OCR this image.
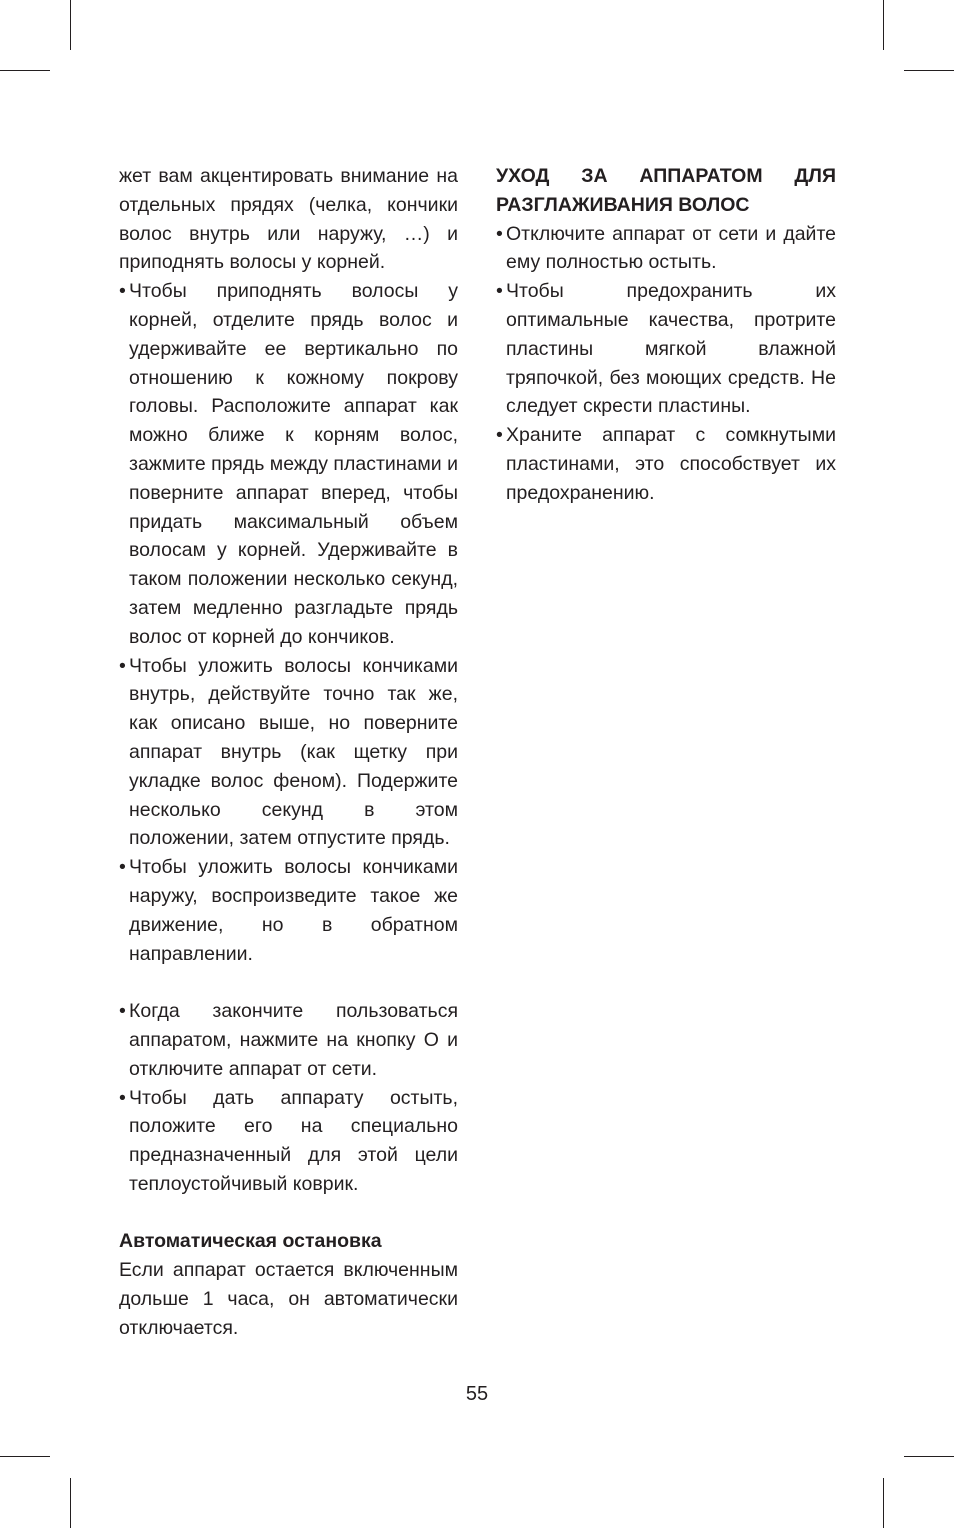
жет вам акцентировать внимание на отдельных прядях (челка, кончики волос внутрь или наружу, …) и приподнять волосы у корней.

• Чтобы приподнять волосы у корней, отделите прядь волос и удерживайте ее вертикально по отношению к кожному покрову головы. Расположите аппарат как можно ближе к корням волос, зажмите прядь между пластинами и поверните аппарат вперед, чтобы придать максимальный объем волосам у корней. Удерживайте в таком положении несколько секунд, затем медленно разгладьте прядь волос от корней до кончиков.
• Чтобы уложить волосы кончиками внутрь, действуйте точно так же, как описано выше, но поверните аппарат внутрь (как щетку при укладке волос феном). Подержите несколько секунд в этом положении, затем отпустите прядь.
• Чтобы уложить волосы кончиками наружу, воспроизведите такое же движение, но в обратном направлении.
• Когда закончите пользоваться аппаратом, нажмите на кнопку O и отключите аппарат от сети.
• Чтобы дать аппарату остыть, положите его на специально предназначенный для этой цели теплоустойчивый коврик.

Автоматическая остановка

Если аппарат остается включенным дольше 1 часа, он автоматически отключается.

УХОД ЗА АППАРАТОМ ДЛЯ РАЗГЛАЖИВАНИЯ ВОЛОС

• Отключите аппарат от сети и дайте ему полностью остыть.
• Чтобы предохранить их оптимальные качества, протрите пластины мягкой влажной тряпочкой, без моющих средств. Не следует скрести пластины.
• Храните аппарат с сомкнутыми пластинами, это способствует их предохранению.
55
